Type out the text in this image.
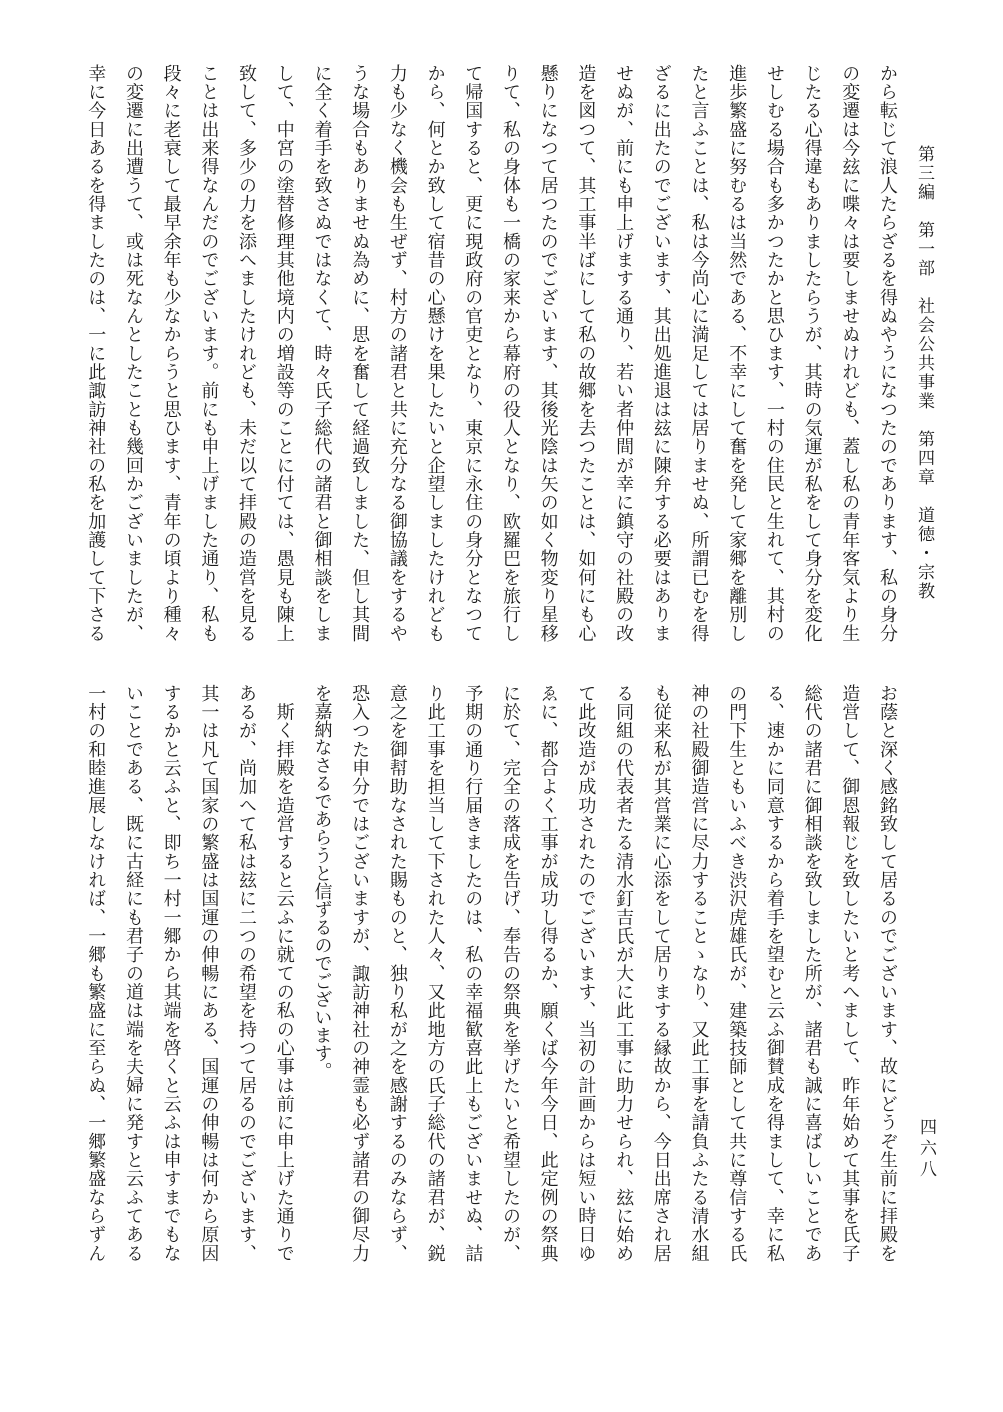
第三編　第一部　社会公共事業　第四章　道徳・宗教
から転じて浪人たらざるを得ぬやうになつたのであります、私の身分
の変遷は今玆に喋々は要しませぬけれども、蓋し私の青年客気より生
じたる心得違もありましたらうが、其時の気運が私をして身分を変化
せしむる場合も多かつたかと思ひます、一村の住民と生れて、其村の
進歩繁盛に努むるは当然である、不幸にして奮を発して家郷を離別し
たと言ふことは、私は今尚心に満足しては居りませぬ、所謂已むを得
ざるに出たのでございます、其出処進退は玆に陳弁する必要はありま
せぬが、前にも申上げまする通り、若い者仲間が幸に鎮守の社殿の改
造を図つて、其工事半ばにして私の故郷を去つたことは、如何にも心
懸りになつて居つたのでございます、其後光陰は矢の如く物変り星移
りて、私の身体も一橋の家来から幕府の役人となり、欧羅巴を旅行し
て帰国すると、更に現政府の官吏となり、東京に永住の身分となつて
から、何とか致して宿昔の心懸けを果したいと企望しましたけれども
力も少なく機会も生ぜず、村方の諸君と共に充分なる御協議をするや
うな場合もありませぬ為めに、思を奮して経過致しました、但し其間
に全く着手を致さぬではなくて、時々氏子総代の諸君と御相談をしま
して、中宮の塗替修理其他境内の増設等のことに付ては、愚見も陳上
致して、多少の力を添へましたけれども、未だ以て拝殿の造営を見る
ことは出来得なんだのでございます。前にも申上げました通り、私も
段々に老衰して最早余年も少なからうと思ひます、青年の頃より種々
の変遷に出遭うて、或は死なんとしたことも幾回かございましたが、
幸に今日あるを得ましたのは、一に此諏訪神社の私を加護して下さる
お蔭と深く感銘致して居るのでございます、故にどうぞ生前に拝殿を
造営して、御恩報じを致したいと考へまして、昨年始めて其事を氏子
総代の諸君に御相談を致しました所が、諸君も誠に喜ばしいことであ
る、速かに同意するから着手を望むと云ふ御賛成を得まして、幸に私
の門下生ともいふべき渋沢虎雄氏が、建築技師として共に尊信する氏
神の社殿御造営に尽力することゝなり、又此工事を請負ふたる清水組
も従来私が其営業に心添をして居りまする縁故から、今日出席され居
る同組の代表者たる清水釘吉氏が大に此工事に助力せられ、玆に始め
て此改造が成功されたのでございます、当初の計画からは短い時日ゆ
ゑに、都合よく工事が成功し得るか、願くば今年今日、此定例の祭典
に於て、完全の落成を告げ、奉告の祭典を挙げたいと希望したのが、
予期の通り行届きましたのは、私の幸福歓喜此上もございませぬ、詰
り此工事を担当して下された人々、又此地方の氏子総代の諸君が、鋭
意之を御幇助なされた賜ものと、独り私が之を感謝するのみならず、
恐入つた申分ではございますが、諏訪神社の神霊も必ず諸君の御尽力
を嘉納なさるであらうと信ずるのでございます。
　斯く拝殿を造営すると云ふに就ての私の心事は前に申上げた通りで
あるが、尚加へて私は玆に二つの希望を持つて居るのでございます、
其一は凡て国家の繁盛は国運の伸暢にある、国運の伸暢は何から原因
するかと云ふと、即ち一村一郷から其端を啓くと云ふは申すまでもな
いことである、既に古経にも君子の道は端を夫婦に発すと云ふてある
一村の和睦進展しなければ、一郷も繁盛に至らぬ、一郷繁盛ならずん	四六八
